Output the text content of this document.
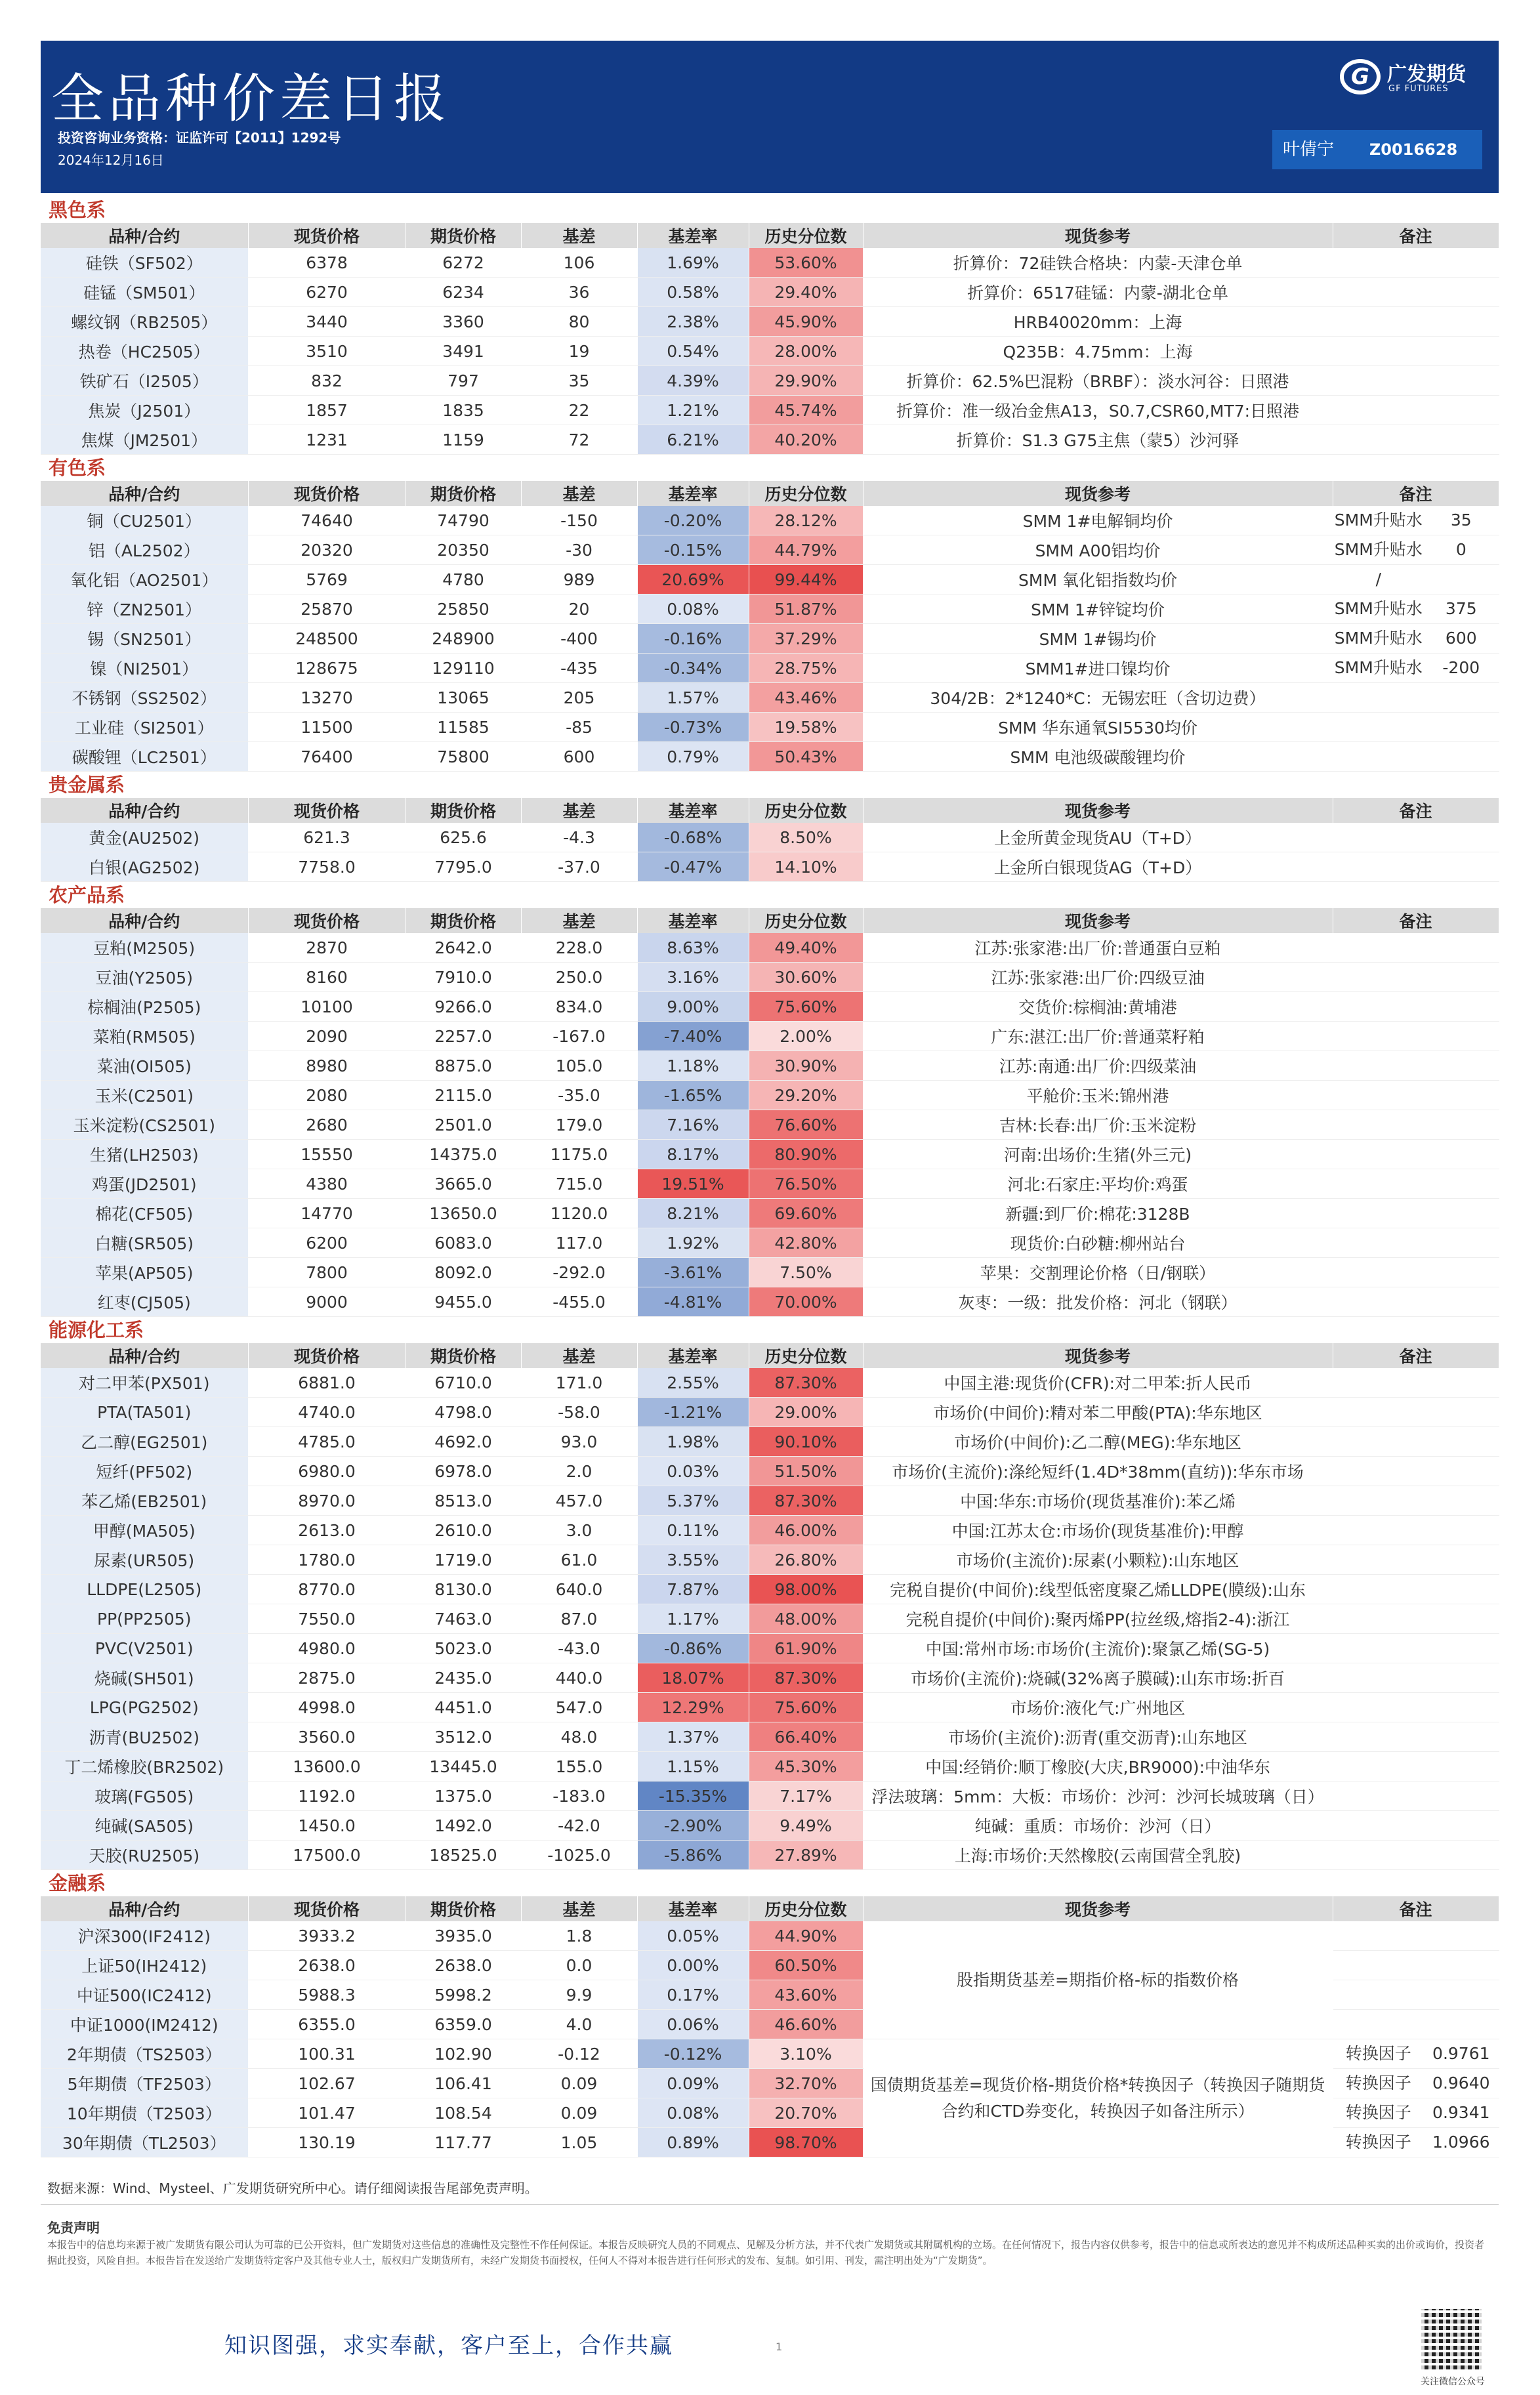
全品种价差日报
投资咨询业务资格：证监许可【2011】1292号
2024年12月16日
G 广发期货
GF FUTURES
叶倩宁	Z0016628
黑色系
品种/合约	现货价格	期货价格	基差	基差率	历史分位数	现货参考	备注
硅铁（SF502）	6378	6272	106	1.69%	53.60%	折算价：72硅铁合格块：内蒙-天津仓单	
硅锰（SM501）	6270	6234	36	0.58%	29.40%	折算价：6517硅锰：内蒙-湖北仓单	
螺纹钢（RB2505）	3440	3360	80	2.38%	45.90%	HRB40020mm：上海	
热卷（HC2505）	3510	3491	19	0.54%	28.00%	Q235B：4.75mm：上海	
铁矿石（I2505）	832	797	35	4.39%	29.90%	折算价：62.5%巴混粉（BRBF）：淡水河谷：日照港	
焦炭（J2501）	1857	1835	22	1.21%	45.74%	折算价：准一级冶金焦A13，S0.7,CSR60,MT7:日照港	
焦煤（JM2501）	1231	1159	72	6.21%	40.20%	折算价：S1.3 G75主焦（蒙5）沙河驿	
有色系
品种/合约	现货价格	期货价格	基差	基差率	历史分位数	现货参考	备注
铜（CU2501）	74640	74790	-150	-0.20%	28.12%	SMM 1#电解铜均价	SMM升贴水 35

铝（AL2502）	20320	20350	-30	-0.15%	44.79%	SMM A00铝均价	SMM升贴水 0

氧化铝（AO2501）	5769	4780	989	20.69%	99.44%	SMM 氧化铝指数均价	/

锌（ZN2501）	25870	25850	20	0.08%	51.87%	SMM 1#锌锭均价	SMM升贴水 375

锡（SN2501）	248500	248900	-400	-0.16%	37.29%	SMM 1#锡均价	SMM升贴水 600

镍（NI2501）	128675	129110	-435	-0.34%	28.75%	SMM1#进口镍均价	SMM升贴水 -200

不锈钢（SS2502）	13270	13065	205	1.57%	43.46%	304/2B：2*1240*C：无锡宏旺（含切边费）	
工业硅（SI2501）	11500	11585	-85	-0.73%	19.58%	SMM 华东通氧SI5530均价	
碳酸锂（LC2501）	76400	75800	600	0.79%	50.43%	SMM 电池级碳酸锂均价	
贵金属系
品种/合约	现货价格	期货价格	基差	基差率	历史分位数	现货参考	备注
黄金(AU2502)	621.3	625.6	-4.3	-0.68%	8.50%	上金所黄金现货AU（T+D）	
白银(AG2502)	7758.0	7795.0	-37.0	-0.47%	14.10%	上金所白银现货AG（T+D）	
农产品系
品种/合约	现货价格	期货价格	基差	基差率	历史分位数	现货参考	备注
豆粕(M2505)	2870	2642.0	228.0	8.63%	49.40%	江苏:张家港:出厂价:普通蛋白豆粕	
豆油(Y2505)	8160	7910.0	250.0	3.16%	30.60%	江苏:张家港:出厂价:四级豆油	
棕榈油(P2505)	10100	9266.0	834.0	9.00%	75.60%	交货价:棕榈油:黄埔港	
菜粕(RM505)	2090	2257.0	-167.0	-7.40%	2.00%	广东:湛江:出厂价:普通菜籽粕	
菜油(OI505)	8980	8875.0	105.0	1.18%	30.90%	江苏:南通:出厂价:四级菜油	
玉米(C2501)	2080	2115.0	-35.0	-1.65%	29.20%	平舱价:玉米:锦州港	
玉米淀粉(CS2501)	2680	2501.0	179.0	7.16%	76.60%	吉林:长春:出厂价:玉米淀粉	
生猪(LH2503)	15550	14375.0	1175.0	8.17%	80.90%	河南:出场价:生猪(外三元)	
鸡蛋(JD2501)	4380	3665.0	715.0	19.51%	76.50%	河北:石家庄:平均价:鸡蛋	
棉花(CF505)	14770	13650.0	1120.0	8.21%	69.60%	新疆:到厂价:棉花:3128B	
白糖(SR505)	6200	6083.0	117.0	1.92%	42.80%	现货价:白砂糖:柳州站台	
苹果(AP505)	7800	8092.0	-292.0	-3.61%	7.50%	苹果：交割理论价格（日/钢联）	
红枣(CJ505)	9000	9455.0	-455.0	-4.81%	70.00%	灰枣：一级：批发价格：河北（钢联）	
能源化工系
品种/合约	现货价格	期货价格	基差	基差率	历史分位数	现货参考	备注
对二甲苯(PX501)	6881.0	6710.0	171.0	2.55%	87.30%	中国主港:现货价(CFR):对二甲苯:折人民币	
PTA(TA501)	4740.0	4798.0	-58.0	-1.21%	29.00%	市场价(中间价):精对苯二甲酸(PTA):华东地区	
乙二醇(EG2501)	4785.0	4692.0	93.0	1.98%	90.10%	市场价(中间价):乙二醇(MEG):华东地区	
短纤(PF502)	6980.0	6978.0	2.0	0.03%	51.50%	市场价(主流价):涤纶短纤(1.4D*38mm(直纺)):华东市场	
苯乙烯(EB2501)	8970.0	8513.0	457.0	5.37%	87.30%	中国:华东:市场价(现货基准价):苯乙烯	
甲醇(MA505)	2613.0	2610.0	3.0	0.11%	46.00%	中国:江苏太仓:市场价(现货基准价):甲醇	
尿素(UR505)	1780.0	1719.0	61.0	3.55%	26.80%	市场价(主流价):尿素(小颗粒):山东地区	
LLDPE(L2505)	8770.0	8130.0	640.0	7.87%	98.00%	完税自提价(中间价):线型低密度聚乙烯LLDPE(膜级):山东	
PP(PP2505)	7550.0	7463.0	87.0	1.17%	48.00%	完税自提价(中间价):聚丙烯PP(拉丝级,熔指2-4):浙江	
PVC(V2501)	4980.0	5023.0	-43.0	-0.86%	61.90%	中国:常州市场:市场价(主流价):聚氯乙烯(SG-5)	
烧碱(SH501)	2875.0	2435.0	440.0	18.07%	87.30%	市场价(主流价):烧碱(32%离子膜碱):山东市场:折百	
LPG(PG2502)	4998.0	4451.0	547.0	12.29%	75.60%	市场价:液化气:广州地区	
沥青(BU2502)	3560.0	3512.0	48.0	1.37%	66.40%	市场价(主流价):沥青(重交沥青):山东地区	
丁二烯橡胶(BR2502)	13600.0	13445.0	155.0	1.15%	45.30%	中国:经销价:顺丁橡胶(大庆,BR9000):中油华东	
玻璃(FG505)	1192.0	1375.0	-183.0	-15.35%	7.17%	浮法玻璃：5mm：大板：市场价：沙河：沙河长城玻璃（日）	
纯碱(SA505)	1450.0	1492.0	-42.0	-2.90%	9.49%	纯碱：重质：市场价：沙河（日）	
天胶(RU2505)	17500.0	18525.0	-1025.0	-5.86%	27.89%	上海:市场价:天然橡胶(云南国营全乳胶)	
金融系
品种/合约	现货价格	期货价格	基差	基差率	历史分位数	现货参考	备注
沪深300(IF2412)	3933.2	3935.0	1.8	0.05%	44.90%	股指期货基差=期指价格-标的指数价格	
上证50(IH2412)	2638.0	2638.0	0.0	0.00%	60.50%		
中证500(IC2412)	5988.3	5998.2	9.9	0.17%	43.60%		
中证1000(IM2412)	6355.0	6359.0	4.0	0.06%	46.60%		
2年期债（TS2503）	100.31	102.90	-0.12	-0.12%	3.10%	国债期货基差=现货价格-期货价格*转换因子（转换因子随期货合约和CTD券变化，转换因子如备注所示）	转换因子 0.9761

5年期债（TF2503）	102.67	106.41	0.09	0.09%	32.70%		转换因子 0.9640

10年期债（T2503）	101.47	108.54	0.09	0.08%	20.70%		转换因子 0.9341

30年期债（TL2503）	130.19	117.77	1.05	0.89%	98.70%		转换因子 1.0966
数据来源：Wind、Mysteel、广发期货研究所中心。请仔细阅读报告尾部免责声明。
免责声明
本报告中的信息均来源于被广发期货有限公司认为可靠的已公开资料，但广发期货对这些信息的准确性及完整性不作任何保证。本报告反映研究人员的不同观点、见解及分析方法，并不代表广发期货或其附属机构的立场。在任何情况下，报告内容仅供参考，报告中的信息或所表达的意见并不构成所述品种买卖的出价或询价，投资者据此投资，风险自担。本报告旨在发送给广发期货特定客户及其他专业人士，版权归广发期货所有，未经广发期货书面授权，任何人不得对本报告进行任何形式的发布、复制。如引用、刊发，需注明出处为“广发期货”。
知识图强，求实奉献，客户至上，合作共赢	1
关注微信公众号
